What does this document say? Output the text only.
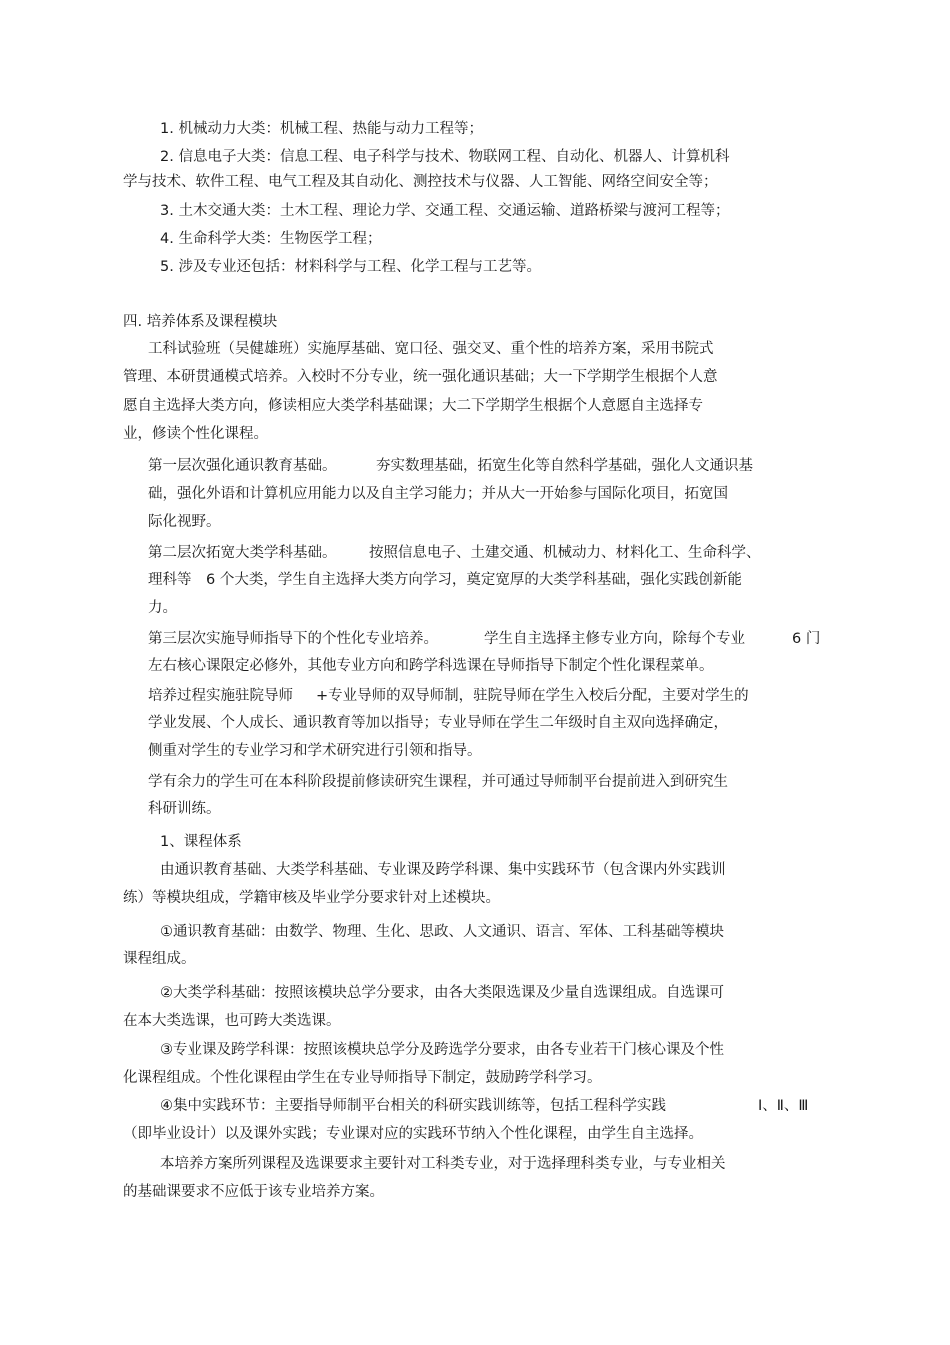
1. 机械动力大类：机械工程、热能与动力工程等；
2. 信息电子大类：信息工程、电子科学与技术、物联网工程、自动化、机器人、计算机科
学与技术、软件工程、电气工程及其自动化、测控技术与仪器、人工智能、网络空间安全等；
3. 土木交通大类：土木工程、理论力学、交通工程、交通运输、道路桥梁与渡河工程等；
4. 生命科学大类：生物医学工程；
5. 涉及专业还包括：材料科学与工程、化学工程与工艺等。
四. 培养体系及课程模块
工科试验班（吴健雄班）实施厚基础、宽口径、强交叉、重个性的培养方案，采用书院式
管理、本研贯通模式培养。入校时不分专业，统一强化通识基础；大一下学期学生根据个人意
愿自主选择大类方向，修读相应大类学科基础课；大二下学期学生根据个人意愿自主选择专
业，修读个性化课程。
第一层次强化通识教育基础。	夯实数理基础，拓宽生化等自然科学基础，强化人文通识基
础，强化外语和计算机应用能力以及自主学习能力；并从大一开始参与国际化项目，拓宽国
际化视野。
第二层次拓宽大类学科基础。 按照信息电子、土建交通、机械动力、材料化工、生命科学、
理科等 6 个大类，学生自主选择大类方向学习，奠定宽厚的大类学科基础，强化实践创新能
力。
第三层次实施导师指导下的个性化专业培养。	学生自主选择主修专业方向，除每个专业	6 门
左右核心课限定必修外，其他专业方向和跨学科选课在导师指导下制定个性化课程菜单。
培养过程实施驻院导师 +专业导师的双导师制，驻院导师在学生入校后分配，主要对学生的
学业发展、个人成长、通识教育等加以指导；专业导师在学生二年级时自主双向选择确定，
侧重对学生的专业学习和学术研究进行引领和指导。
学有余力的学生可在本科阶段提前修读研究生课程，并可通过导师制平台提前进入到研究生
科研训练。
1、课程体系
由通识教育基础、大类学科基础、专业课及跨学科课、集中实践环节（包含课内外实践训
练）等模块组成，学籍审核及毕业学分要求针对上述模块。
①通识教育基础：由数学、物理、生化、思政、人文通识、语言、军体、工科基础等模块
课程组成。
②大类学科基础：按照该模块总学分要求，由各大类限选课及少量自选课组成。自选课可
在本大类选课，也可跨大类选课。
③专业课及跨学科课：按照该模块总学分及跨选学分要求，由各专业若干门核心课及个性
化课程组成。个性化课程由学生在专业导师指导下制定，鼓励跨学科学习。
④集中实践环节：主要指导师制平台相关的科研实践训练等，包括工程科学实践	Ⅰ、Ⅱ、Ⅲ
（即毕业设计）以及课外实践；专业课对应的实践环节纳入个性化课程，由学生自主选择。
本培养方案所列课程及选课要求主要针对工科类专业，对于选择理科类专业，与专业相关
的基础课要求不应低于该专业培养方案。
